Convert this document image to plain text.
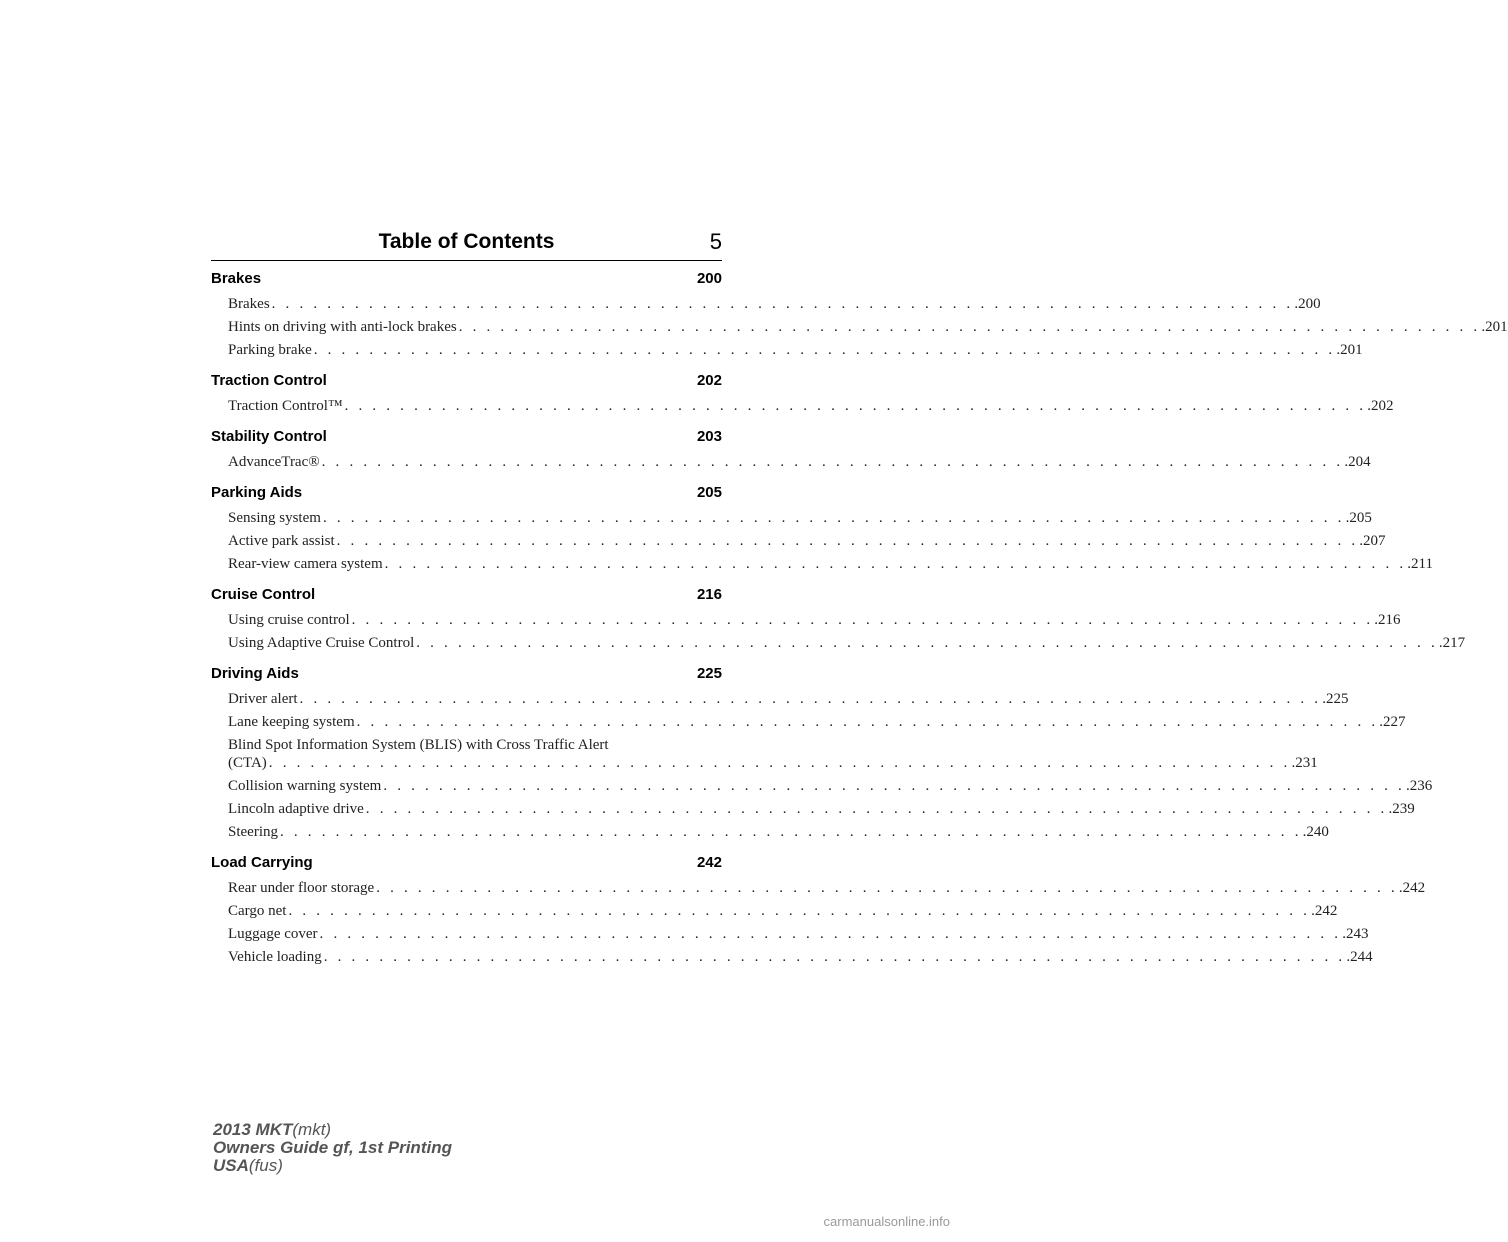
Table of Contents	5
Brakes	200
Brakes . . . . . . . . . . . . . . . . . . . . . . . . . . . . . . . . . . . . . . . . . . . . . . . . . . . . . . . . . . . . . . . . . . . . . . . . . . .200
Hints on driving with anti-lock brakes . . . . . . . . . . . . . . . . . . . . . . . . . . . . . . . . . . . . . . . . . . . . . . . . . . . . . . . . . . . . . . . . . . . . . . . . . . .201
Parking brake . . . . . . . . . . . . . . . . . . . . . . . . . . . . . . . . . . . . . . . . . . . . . . . . . . . . . . . . . . . . . . . . . . . . . . . . . . .201
Traction Control	202
Traction Control™ . . . . . . . . . . . . . . . . . . . . . . . . . . . . . . . . . . . . . . . . . . . . . . . . . . . . . . . . . . . . . . . . . . . . . . . . . . .202
Stability Control	203
AdvanceTrac® . . . . . . . . . . . . . . . . . . . . . . . . . . . . . . . . . . . . . . . . . . . . . . . . . . . . . . . . . . . . . . . . . . . . . . . . . . .204
Parking Aids	205
Sensing system . . . . . . . . . . . . . . . . . . . . . . . . . . . . . . . . . . . . . . . . . . . . . . . . . . . . . . . . . . . . . . . . . . . . . . . . . . .205
Active park assist . . . . . . . . . . . . . . . . . . . . . . . . . . . . . . . . . . . . . . . . . . . . . . . . . . . . . . . . . . . . . . . . . . . . . . . . . . .207
Rear-view camera system . . . . . . . . . . . . . . . . . . . . . . . . . . . . . . . . . . . . . . . . . . . . . . . . . . . . . . . . . . . . . . . . . . . . . . . . . . .211
Cruise Control	216
Using cruise control . . . . . . . . . . . . . . . . . . . . . . . . . . . . . . . . . . . . . . . . . . . . . . . . . . . . . . . . . . . . . . . . . . . . . . . . . . .216
Using Adaptive Cruise Control . . . . . . . . . . . . . . . . . . . . . . . . . . . . . . . . . . . . . . . . . . . . . . . . . . . . . . . . . . . . . . . . . . . . . . . . . . .217
Driving Aids	225
Driver alert . . . . . . . . . . . . . . . . . . . . . . . . . . . . . . . . . . . . . . . . . . . . . . . . . . . . . . . . . . . . . . . . . . . . . . . . . . .225
Lane keeping system . . . . . . . . . . . . . . . . . . . . . . . . . . . . . . . . . . . . . . . . . . . . . . . . . . . . . . . . . . . . . . . . . . . . . . . . . . .227
Blind Spot Information System (BLIS) with Cross Traffic Alert
(CTA) . . . . . . . . . . . . . . . . . . . . . . . . . . . . . . . . . . . . . . . . . . . . . . . . . . . . . . . . . . . . . . . . . . . . . . . . . . .231
Collision warning system . . . . . . . . . . . . . . . . . . . . . . . . . . . . . . . . . . . . . . . . . . . . . . . . . . . . . . . . . . . . . . . . . . . . . . . . . . .236
Lincoln adaptive drive . . . . . . . . . . . . . . . . . . . . . . . . . . . . . . . . . . . . . . . . . . . . . . . . . . . . . . . . . . . . . . . . . . . . . . . . . . .239
Steering . . . . . . . . . . . . . . . . . . . . . . . . . . . . . . . . . . . . . . . . . . . . . . . . . . . . . . . . . . . . . . . . . . . . . . . . . . .240
Load Carrying	242
Rear under floor storage . . . . . . . . . . . . . . . . . . . . . . . . . . . . . . . . . . . . . . . . . . . . . . . . . . . . . . . . . . . . . . . . . . . . . . . . . . .242
Cargo net . . . . . . . . . . . . . . . . . . . . . . . . . . . . . . . . . . . . . . . . . . . . . . . . . . . . . . . . . . . . . . . . . . . . . . . . . . .242
Luggage cover . . . . . . . . . . . . . . . . . . . . . . . . . . . . . . . . . . . . . . . . . . . . . . . . . . . . . . . . . . . . . . . . . . . . . . . . . . .243
Vehicle loading . . . . . . . . . . . . . . . . . . . . . . . . . . . . . . . . . . . . . . . . . . . . . . . . . . . . . . . . . . . . . . . . . . . . . . . . . . .244
2013 MKT(mkt)
Owners Guide gf, 1st Printing
USA(fus)
carmanualsonline.info
